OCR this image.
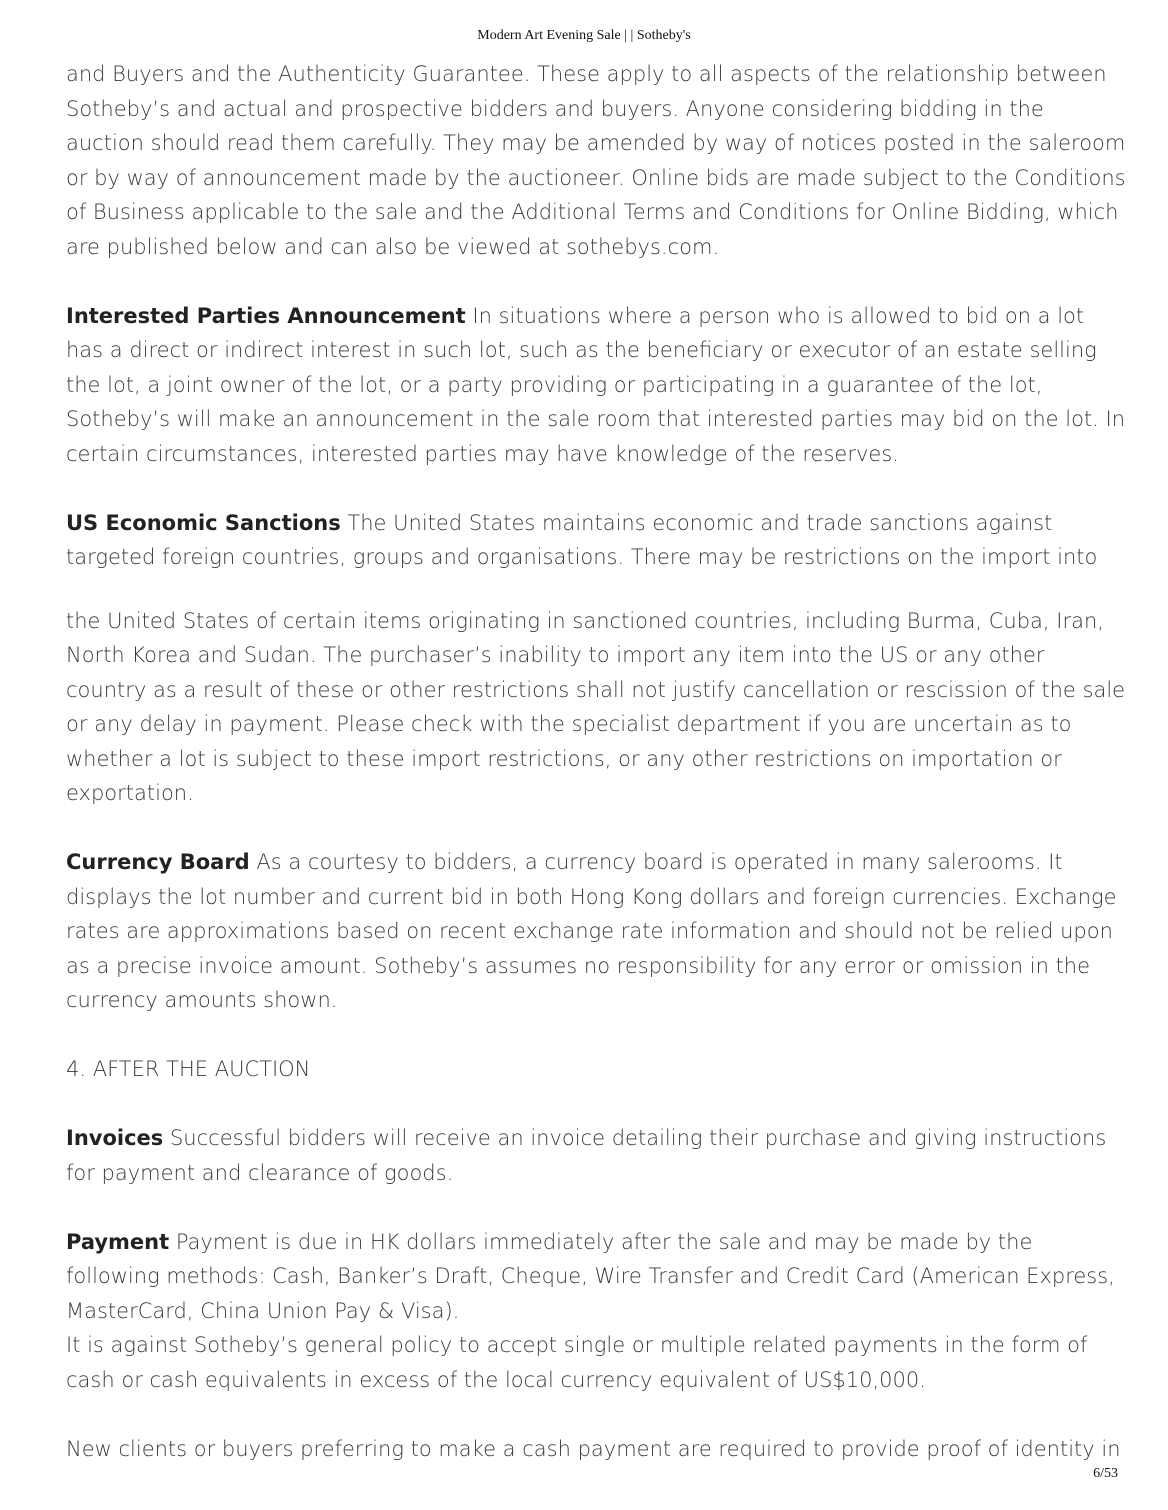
Modern Art Evening Sale | | Sotheby's

and Buyers and the Authenticity Guarantee. These apply to all aspects of the relationship between Sotheby’s and actual and prospective bidders and buyers. Anyone considering bidding in the auction should read them carefully. They may be amended by way of notices posted in the saleroom or by way of announcement made by the auctioneer. Online bids are made subject to the Conditions of Business applicable to the sale and the Additional Terms and Conditions for Online Bidding, which are published below and can also be viewed at sothebys.com.

Interested Parties Announcement In situations where a person who is allowed to bid on a lot has a direct or indirect interest in such lot, such as the beneficiary or executor of an estate selling the lot, a joint owner of the lot, or a party providing or participating in a guarantee of the lot, Sotheby’s will make an announcement in the sale room that interested parties may bid on the lot. In certain circumstances, interested parties may have knowledge of the reserves.

US Economic Sanctions The United States maintains economic and trade sanctions against targeted foreign countries, groups and organisations. There may be restrictions on the import into

the United States of certain items originating in sanctioned countries, including Burma, Cuba, Iran, North Korea and Sudan. The purchaser’s inability to import any item into the US or any other country as a result of these or other restrictions shall not justify cancellation or rescission of the sale or any delay in payment. Please check with the specialist department if you are uncertain as to whether a lot is subject to these import restrictions, or any other restrictions on importation or exportation.

Currency Board As a courtesy to bidders, a currency board is operated in many salerooms. It displays the lot number and current bid in both Hong Kong dollars and foreign currencies. Exchange rates are approximations based on recent exchange rate information and should not be relied upon as a precise invoice amount. Sotheby’s assumes no responsibility for any error or omission in the currency amounts shown.

4. AFTER THE AUCTION

Invoices Successful bidders will receive an invoice detailing their purchase and giving instructions for payment and clearance of goods.

Payment Payment is due in HK dollars immediately after the sale and may be made by the following methods: Cash, Banker’s Draft, Cheque, Wire Transfer and Credit Card (American Express, MasterCard, China Union Pay & Visa).

It is against Sotheby’s general policy to accept single or multiple related payments in the form of cash or cash equivalents in excess of the local currency equivalent of US$10,000.

New clients or buyers preferring to make a cash payment are required to provide proof of identity in

6/53
